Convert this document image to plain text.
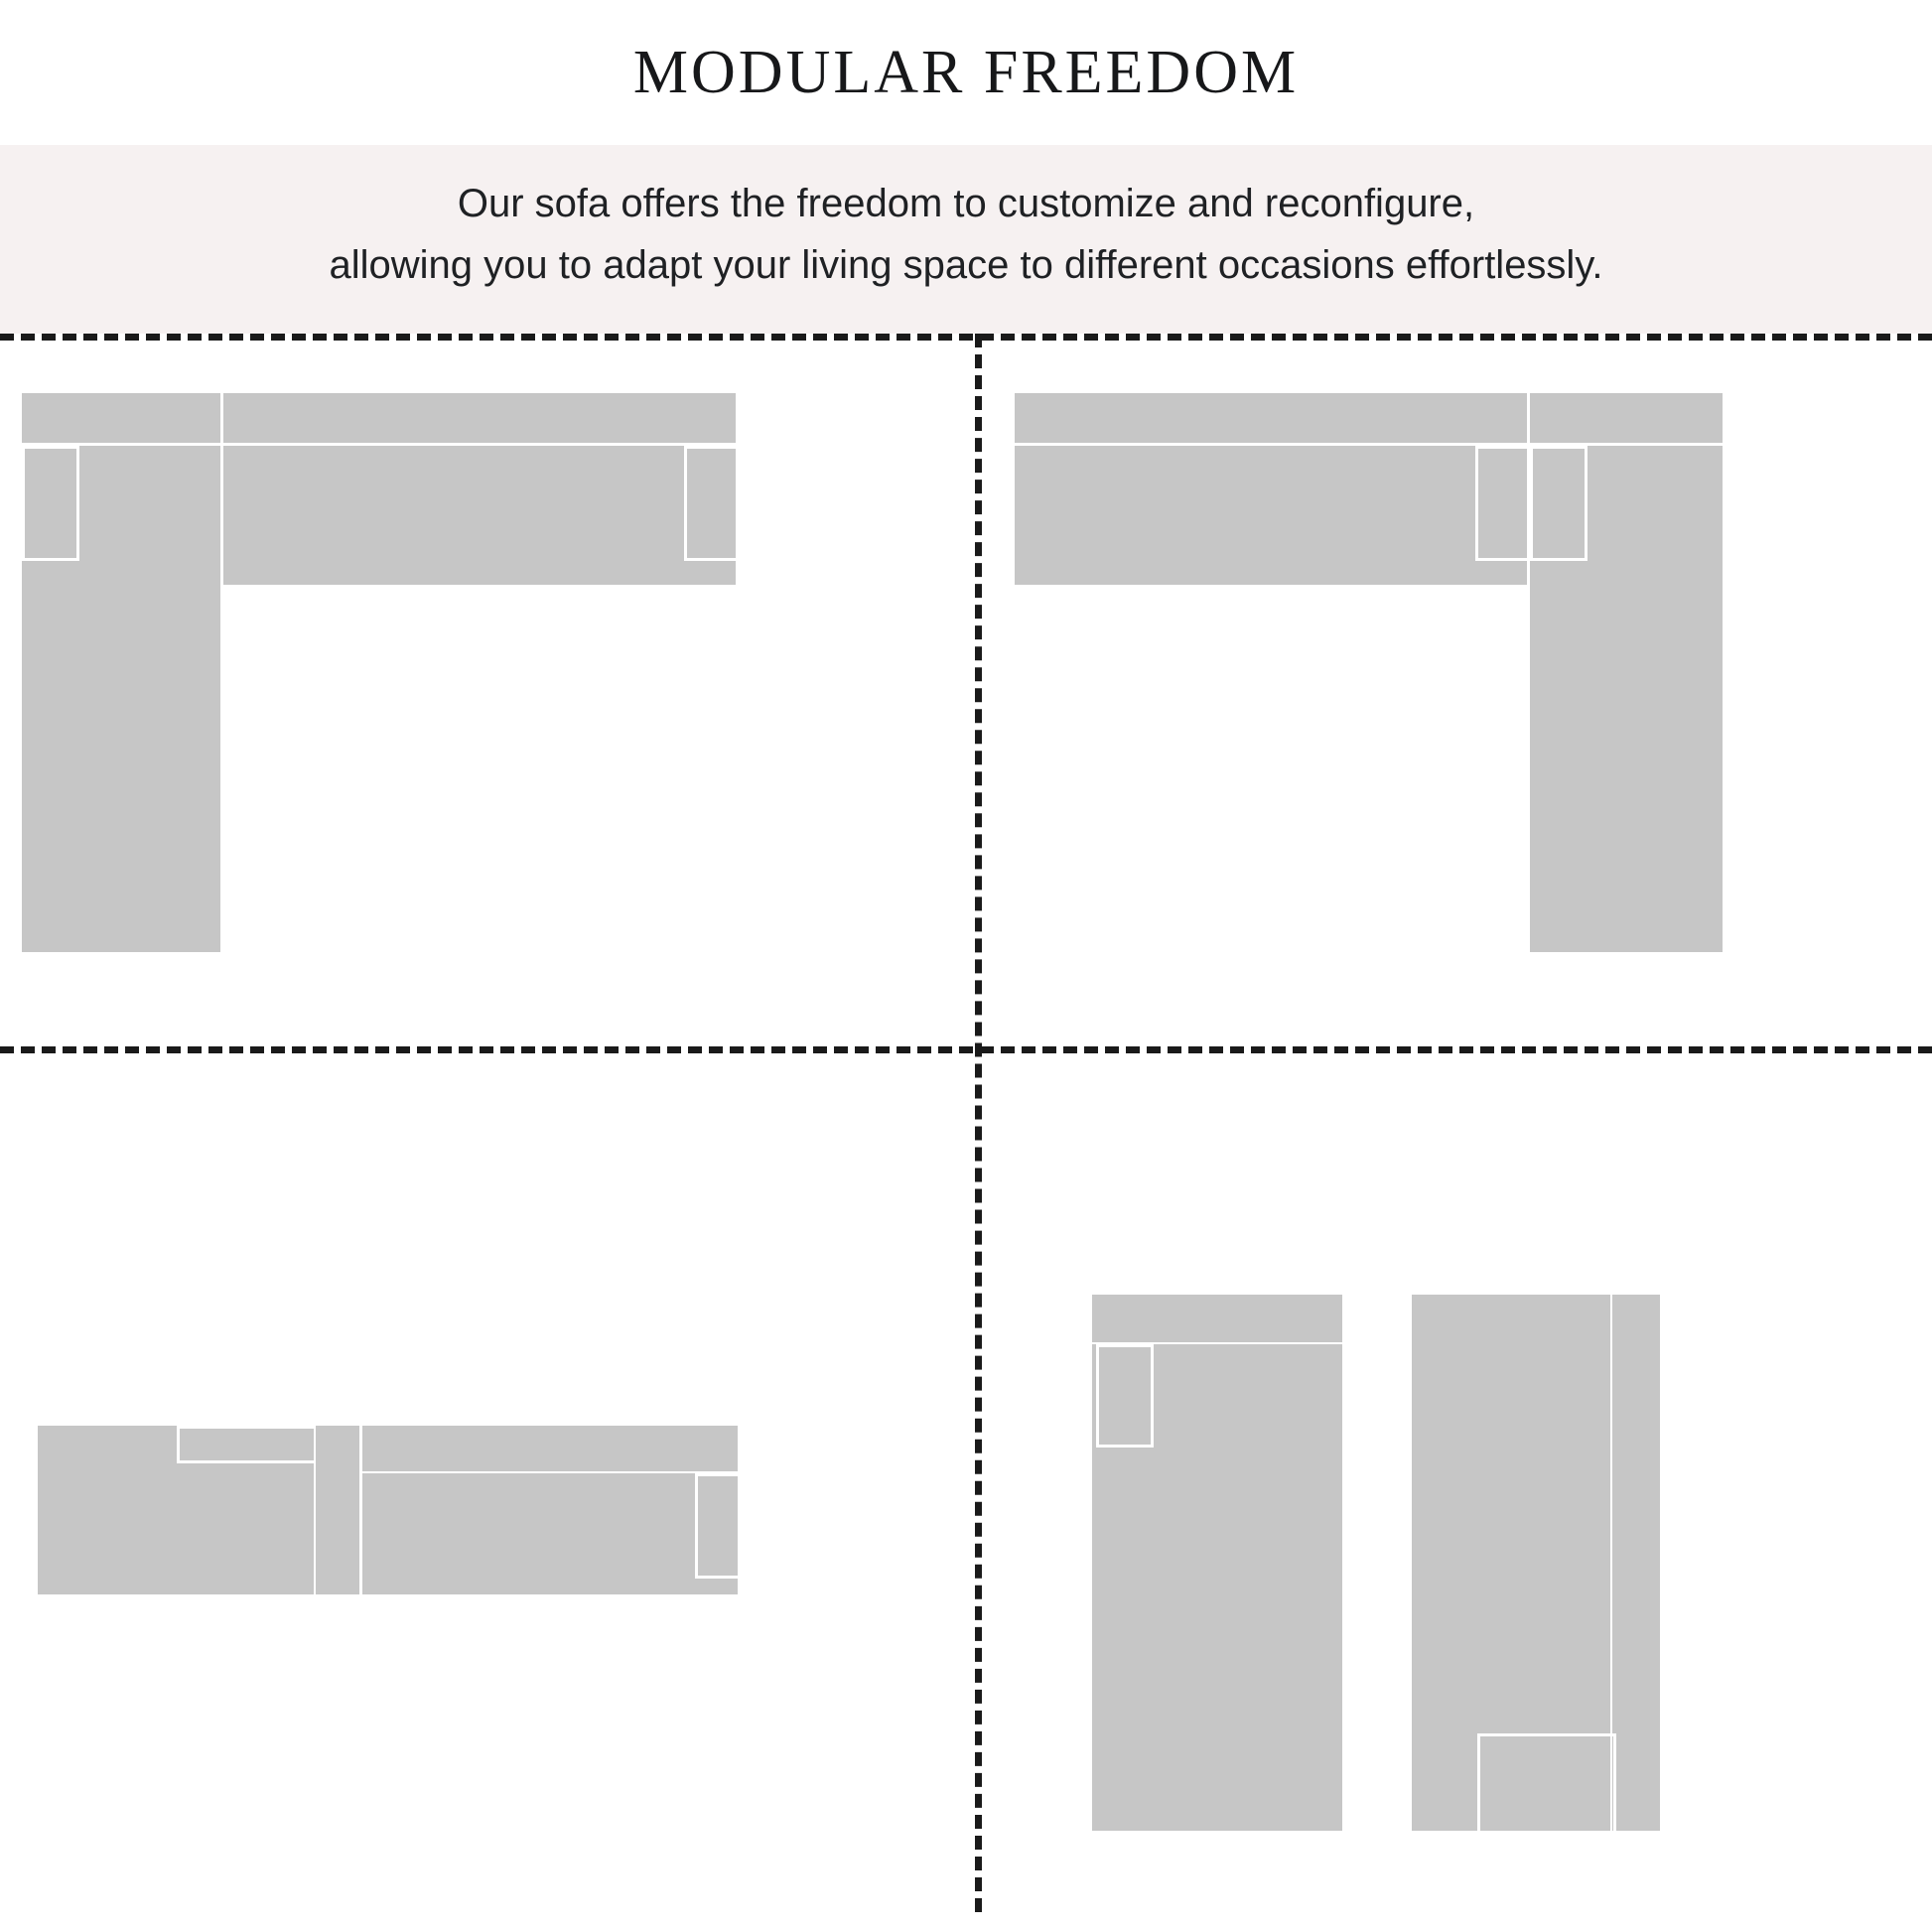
MODULAR FREEDOM
Our sofa offers the freedom to customize and reconfigure,
allowing you to adapt your living space to different occasions effortlessly.
